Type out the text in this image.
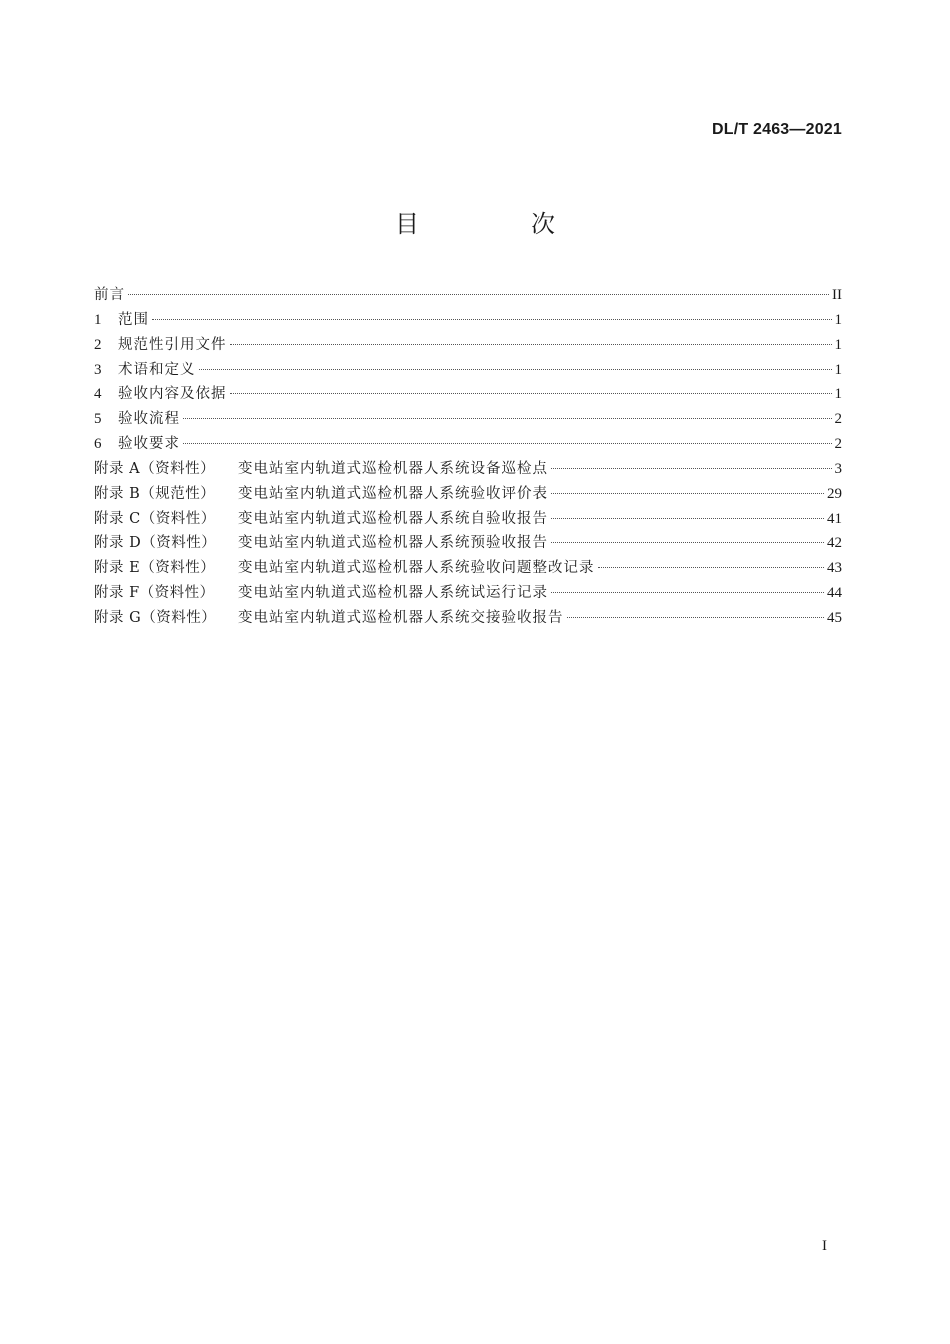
DL/T 2463—2021
目　次
前言	II
1	范围	1
2	规范性引用文件	1
3	术语和定义	1
4	验收内容及依据	1
5	验收流程	2
6	验收要求	2
附录 A（资料性）	变电站室内轨道式巡检机器人系统设备巡检点	3
附录 B（规范性）	变电站室内轨道式巡检机器人系统验收评价表	29
附录 C（资料性）	变电站室内轨道式巡检机器人系统自验收报告	41
附录 D（资料性）	变电站室内轨道式巡检机器人系统预验收报告	42
附录 E（资料性）	变电站室内轨道式巡检机器人系统验收问题整改记录	43
附录 F（资料性）	变电站室内轨道式巡检机器人系统试运行记录	44
附录 G（资料性）	变电站室内轨道式巡检机器人系统交接验收报告	45
I
